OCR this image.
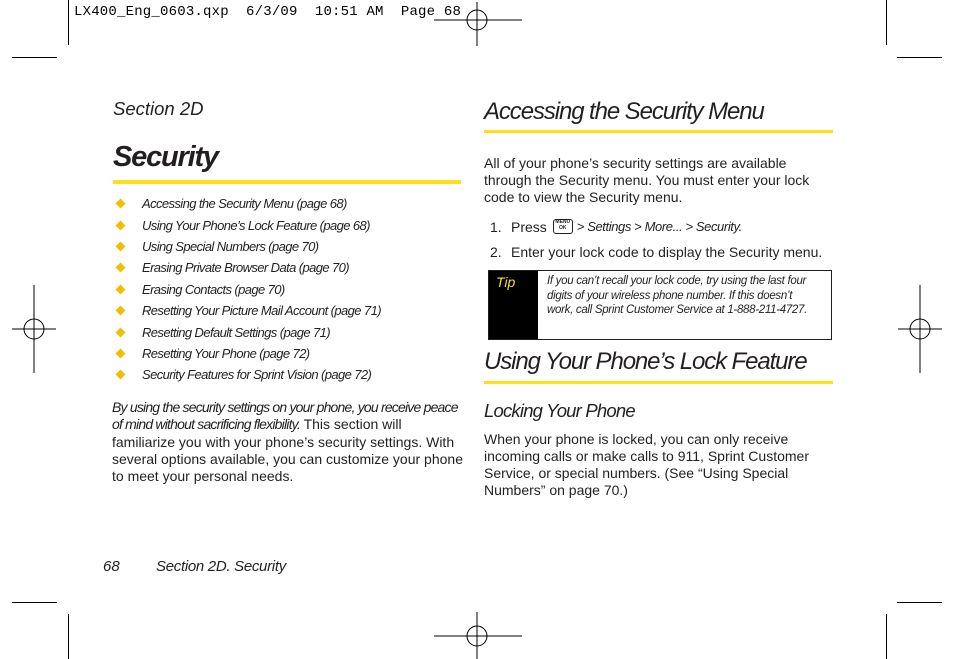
LX400_Eng_0603.qxp  6/3/09  10:51 AM  Page 68
Section 2D
Security
Accessing the Security Menu (page 68)
Using Your Phone’s Lock Feature (page 68)
Using Special Numbers (page 70)
Erasing Private Browser Data (page 70)
Erasing Contacts (page 70)
Resetting Your Picture Mail Account (page 71)
Resetting Default Settings (page 71)
Resetting Your Phone (page 72)
Security Features for Sprint Vision (page 72)
By using the security settings on your phone, you receive peace of mind without sacrificing flexibility. This section will familiarize you with your phone’s security settings. With several options available, you can customize your phone to meet your personal needs.
Accessing the Security Menu
All of your phone’s security settings are available through the Security menu. You must enter your lock code to view the Security menu.
1. Press	MENU
OK > Settings > More... > Security.
2. Enter your lock code to display the Security menu.
Tip	If you can’t recall your lock code, try using the last four digits of your wireless phone number. If this doesn’t work, call Sprint Customer Service at 1-888-211-4727.
Using Your Phone’s Lock Feature
Locking Your Phone
When your phone is locked, you can only receive incoming calls or make calls to 911, Sprint Customer Service, or special numbers. (See “Using Special Numbers” on page 70.)
68 Section 2D. Security
